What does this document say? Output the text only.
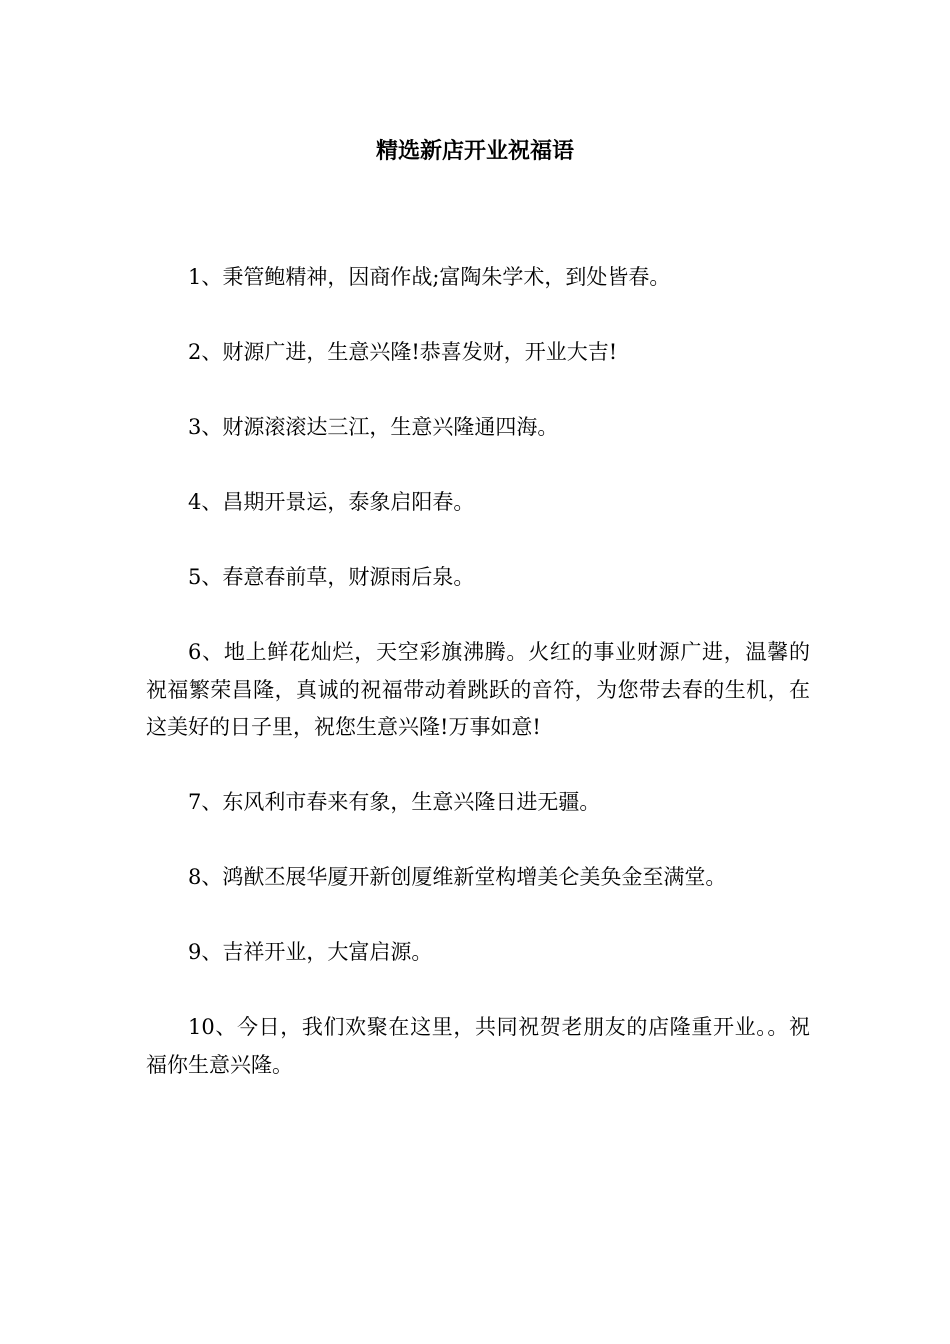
精选新店开业祝福语

1、秉管鲍精神，因商作战;富陶朱学术，到处皆春。

2、财源广进，生意兴隆!恭喜发财，开业大吉!

3、财源滚滚达三江，生意兴隆通四海。

4、昌期开景运，泰象启阳春。

5、春意春前草，财源雨后泉。

6、地上鲜花灿烂，天空彩旗沸腾。火红的事业财源广进，温馨的祝福繁荣昌隆，真诚的祝福带动着跳跃的音符，为您带去春的生机，在这美好的日子里，祝您生意兴隆!万事如意!

7、东风利市春来有象，生意兴隆日进无疆。

8、鸿猷丕展华厦开新创厦维新堂构增美仑美奂金至满堂。

9、吉祥开业，大富启源。

10、今日，我们欢聚在这里，共同祝贺老朋友的店隆重开业。。祝福你生意兴隆。
